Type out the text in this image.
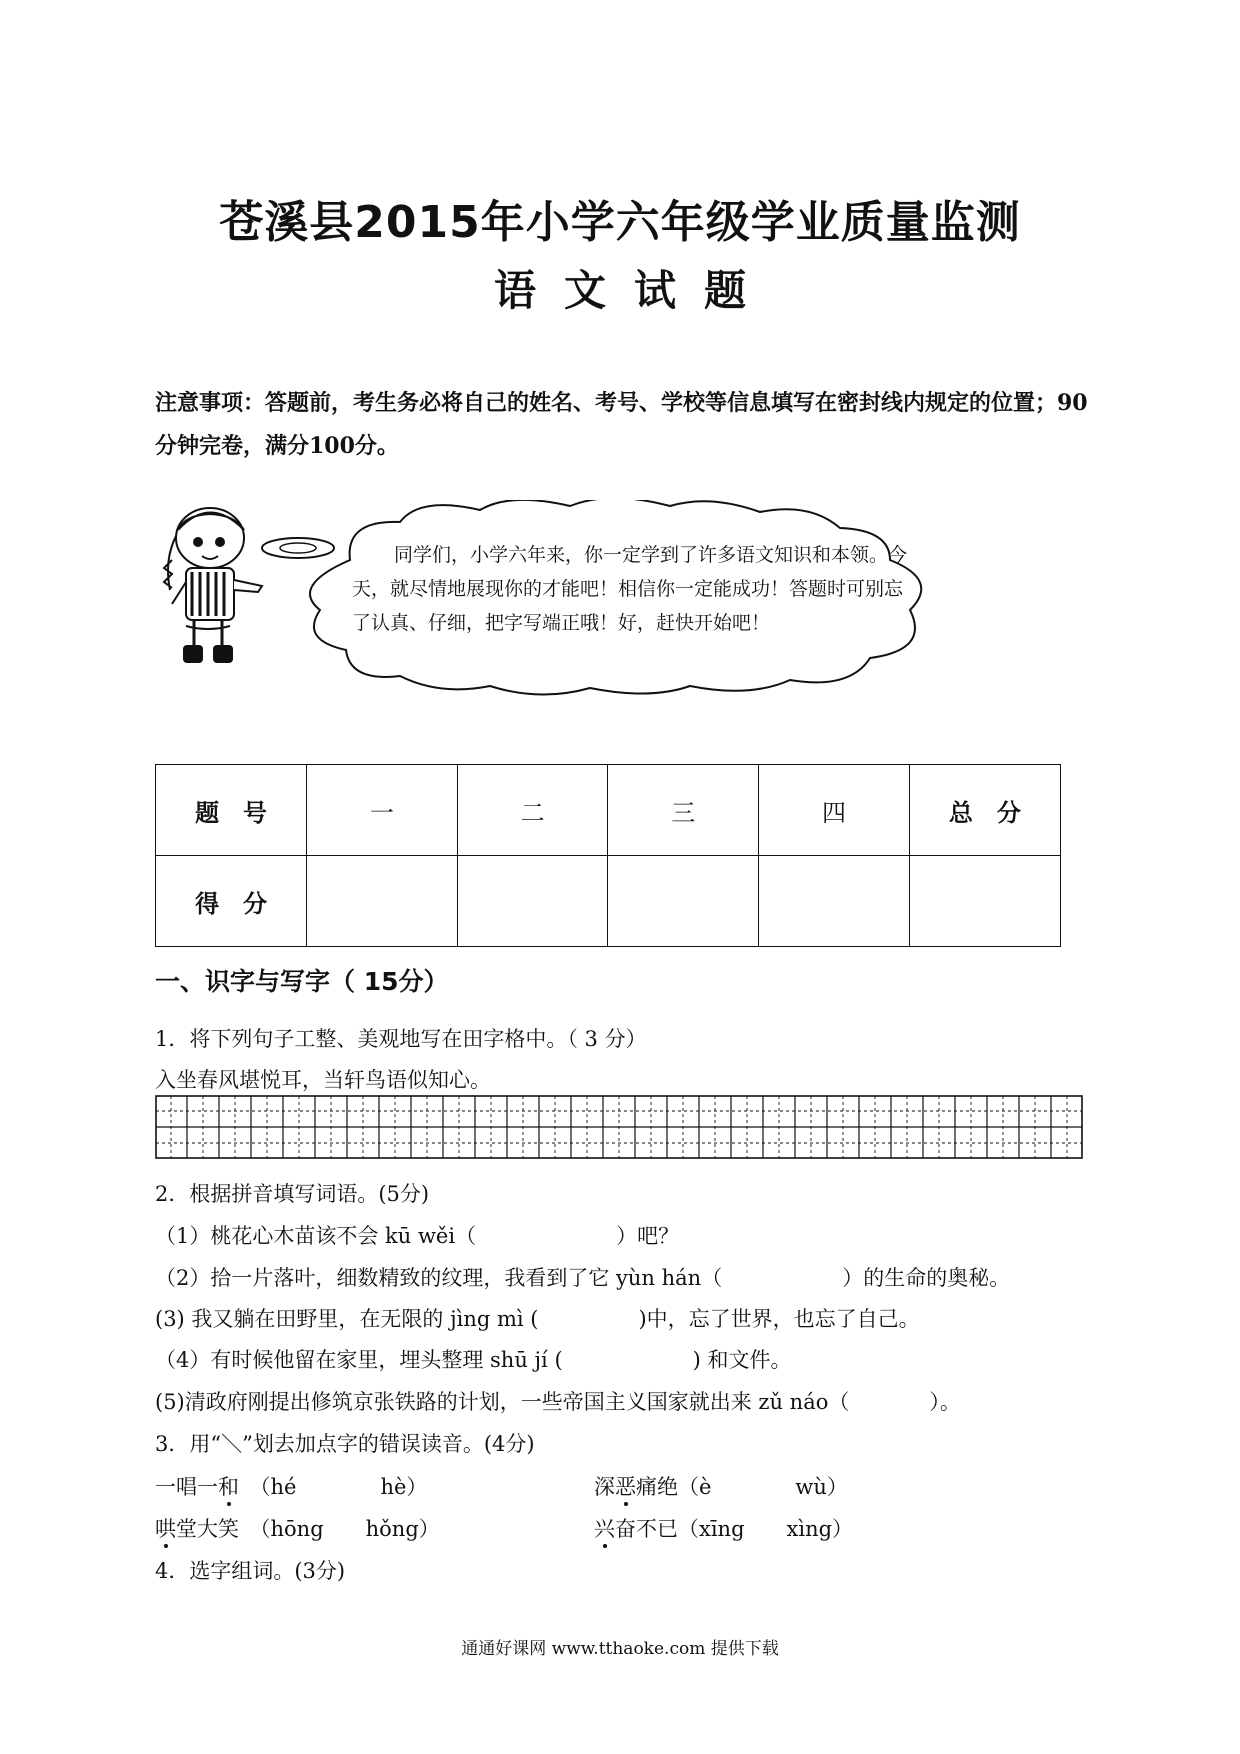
苍溪县2015年小学六年级学业质量监测
语文试题
注意事项：答题前，考生务必将自己的姓名、考号、学校等信息填写在密封线内规定的位置；90分钟完卷，满分100分。
同学们，小学六年来，你一定学到了许多语文知识和本领。今天，就尽情地展现你的才能吧！相信你一定能成功！答题时可别忘了认真、仔细，把字写端正哦！好，赶快开始吧！
题　号	一	二	三	四	总　分
得　分					
一、识字与写字（ 15分）
1．将下列句子工整、美观地写在田字格中。（ 3 分）
入坐春风堪悦耳，当轩鸟语似知心。
2．根据拼音填写词语。(5分)
（1）桃花心木苗该不会 kū wěi（	）吧？
（2）拾一片落叶，细数精致的纹理，我看到了它 yùn hán（	）的生命的奥秘。
(3) 我又躺在田野里，在无限的 jìng mì (	)中，忘了世界，也忘了自己。
（4）有时候他留在家里，埋头整理 shū jí (	) 和文件。
(5)清政府刚提出修筑京张铁路的计划，一些帝国主义国家就出来 zǔ náo（	）。
3．用“＼”划去加点字的错误读音。(4分)
一唱一和　 （hé　　　　hè）	深恶痛绝（è　　　　wù）
哄堂大笑　 （hōng　　hǒng）	兴奋不已（xīng　　xìng）
4．选字组词。(3分)
通通好课网 www.tthaoke.com 提供下载
